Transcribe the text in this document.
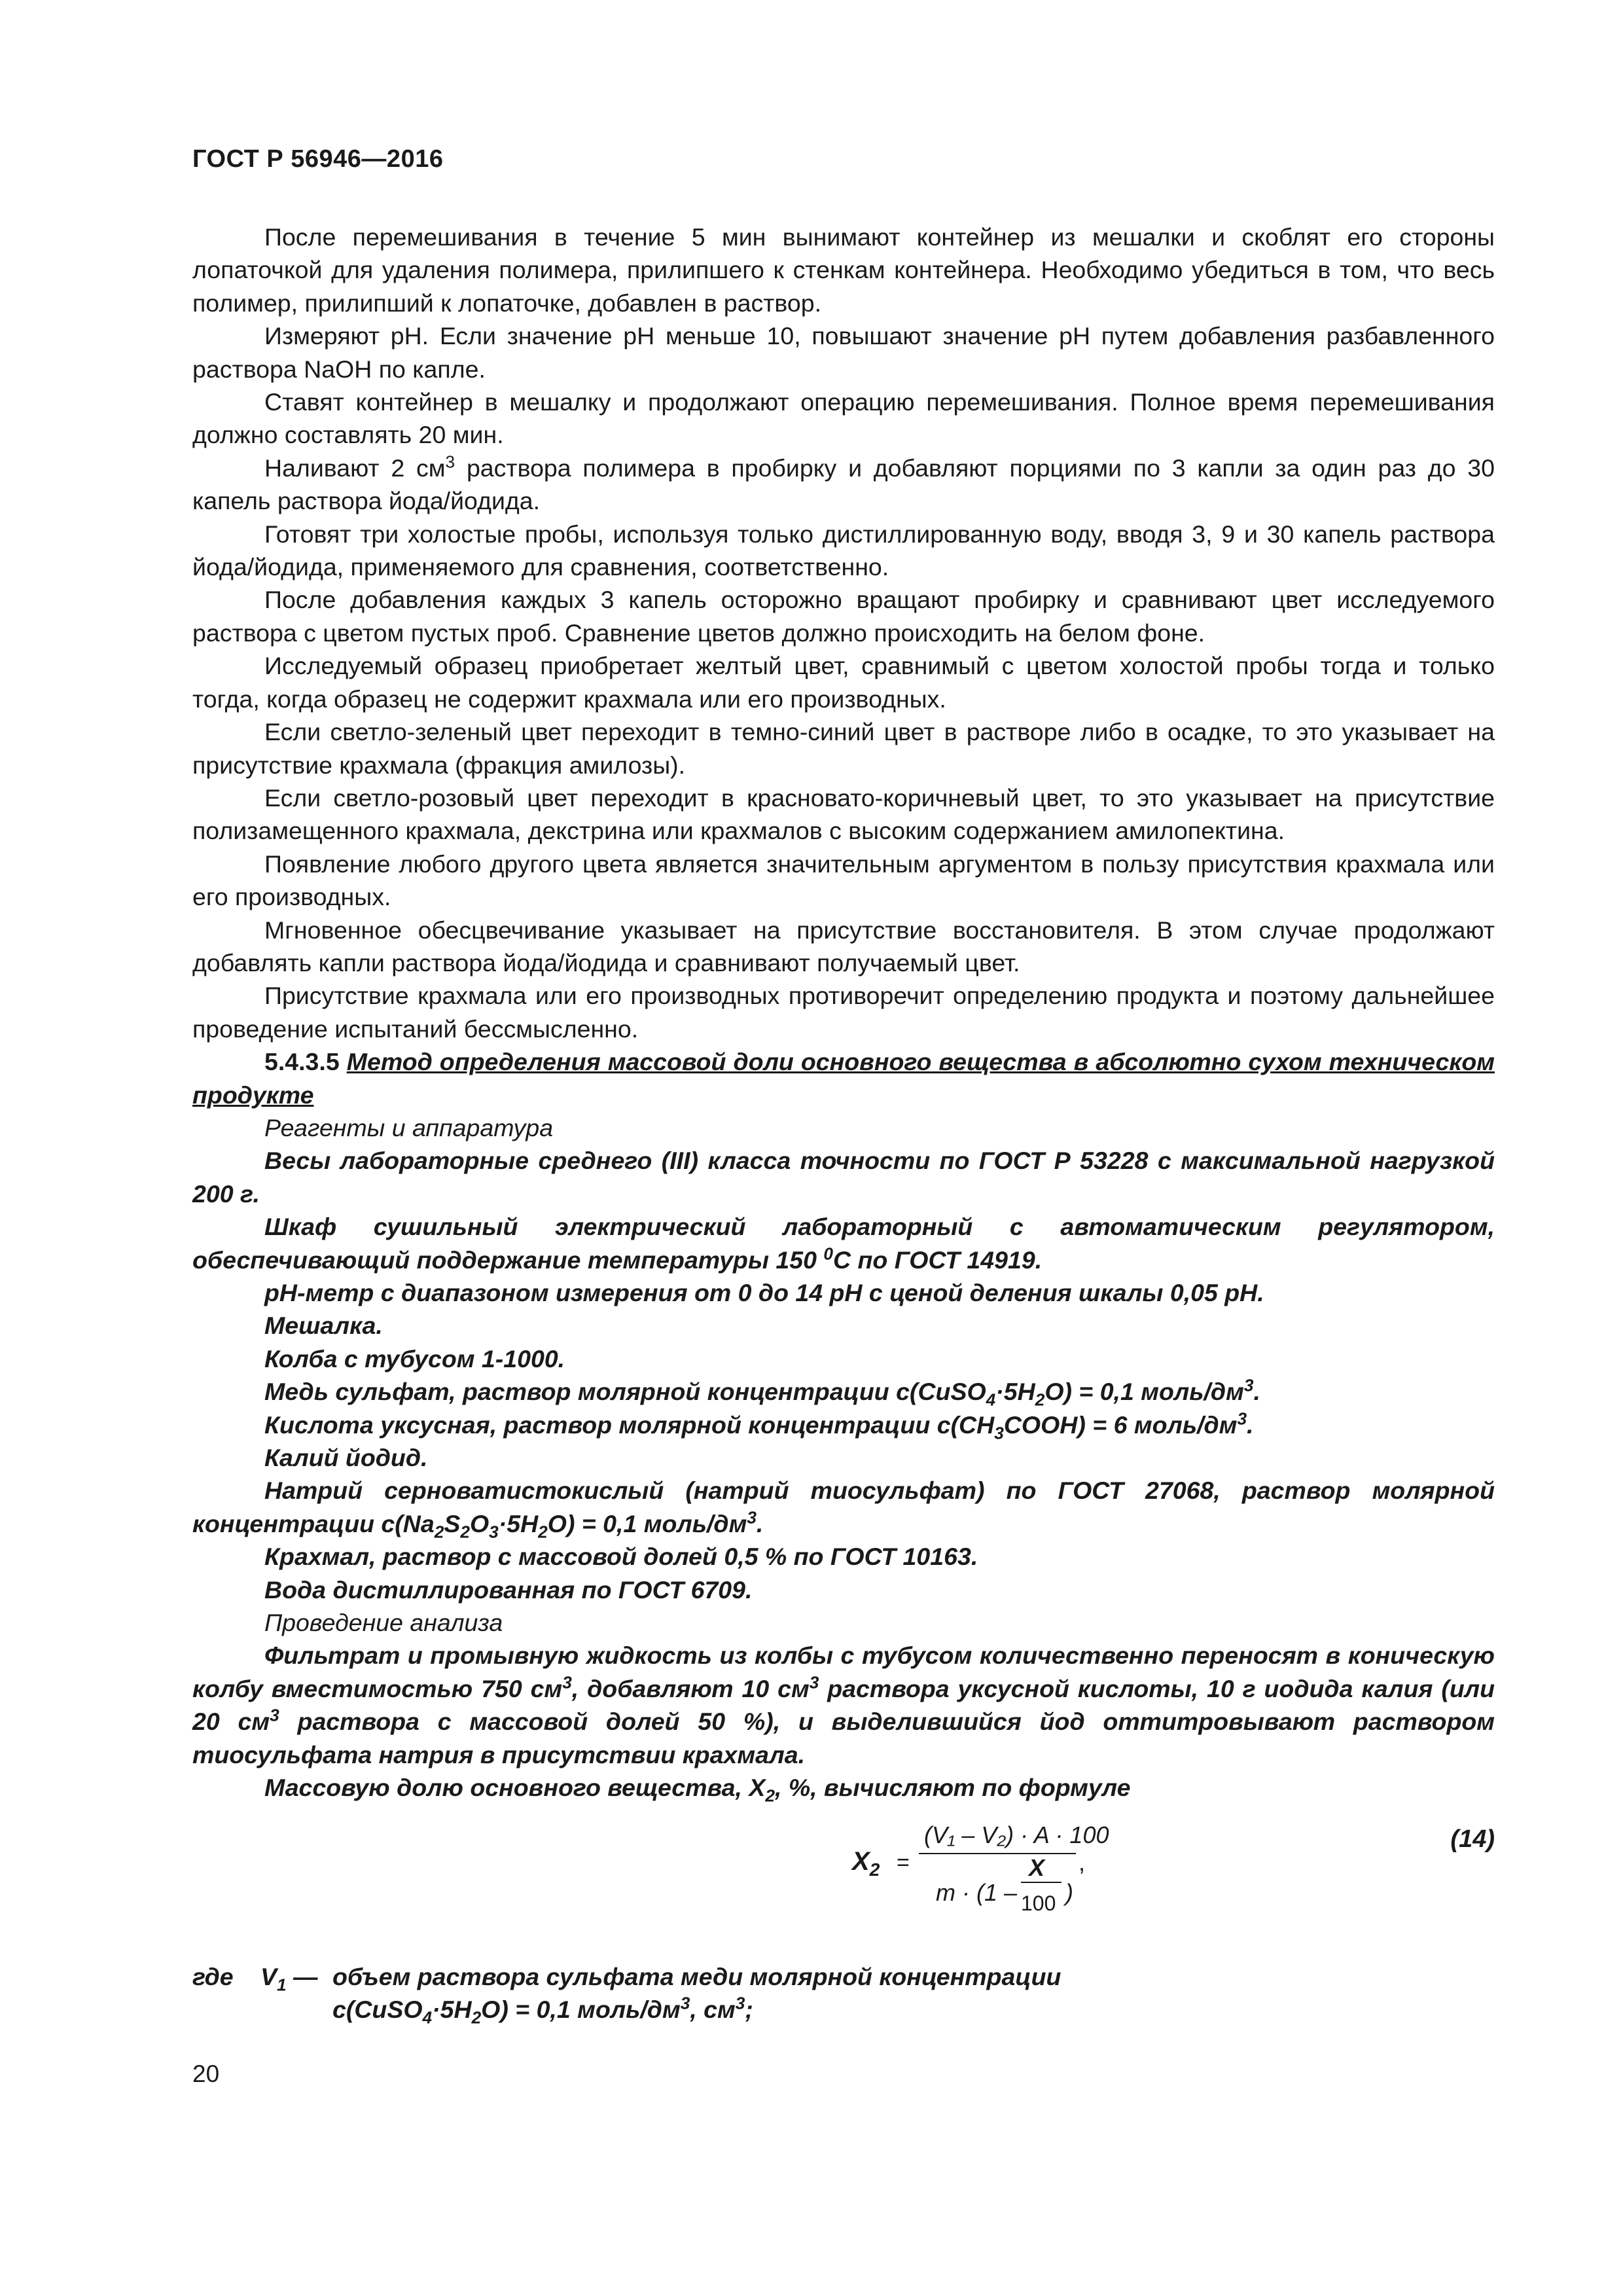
ГОСТ Р 56946—2016

После перемешивания в течение 5 мин вынимают контейнер из мешалки и скоблят его стороны лопаточкой для удаления полимера, прилипшего к стенкам контейнера. Необходимо убедиться в том, что весь полимер, прилипший к лопаточке, добавлен в раствор.

Измеряют pH. Если значение pH меньше 10, повышают значение pH путем добавления разбавленного раствора NaOH по капле.

Ставят контейнер в мешалку и продолжают операцию перемешивания. Полное время перемешивания должно составлять 20 мин.

Наливают 2 $см^3$ раствора полимера в пробирку и добавляют порциями по 3 капли за один раз до 30 капель раствора йода/йодида.

Готовят три холостые пробы, используя только дистиллированную воду, вводя 3, 9 и 30 капель раствора йода/йодида, применяемого для сравнения, соответственно.

После добавления каждых 3 капель осторожно вращают пробирку и сравнивают цвет исследуемого раствора с цветом пустых проб. Сравнение цветов должно происходить на белом фоне.

Исследуемый образец приобретает желтый цвет, сравнимый с цветом холостой пробы тогда и только тогда, когда образец не содержит крахмала или его производных.

Если светло-зеленый цвет переходит в темно-синий цвет в растворе либо в осадке, то это указывает на присутствие крахмала (фракция амилозы).

Если светло-розовый цвет переходит в красновато-коричневый цвет, то это указывает на присутствие полизамещенного крахмала, декстрина или крахмалов с высоким содержанием амилопектина.

Появление любого другого цвета является значительным аргументом в пользу присутствия крахмала или его производных.

Мгновенное обесцвечивание указывает на присутствие восстановителя. В этом случае продолжают добавлять капли раствора йода/йодида и сравнивают получаемый цвет.

Присутствие крахмала или его производных противоречит определению продукта и поэтому дальнейшее проведение испытаний бессмысленно.

5.4.3.5 Метод определения массовой доли основного вещества в абсолютно сухом техническом продукте

Реагенты и аппаратура

Весы лабораторные среднего (III) класса точности по ГОСТ Р 53228 с максимальной нагрузкой 200 г.

Шкаф сушильный электрический лабораторный с автоматическим регулятором, обеспечивающий поддержание температуры 150 $^0$С по ГОСТ 14919.

pH-метр с диапазоном измерения от 0 до 14 pH с ценой деления шкалы 0,05 pH.

Мешалка.

Колба с тубусом 1-1000.

Медь сульфат, раствор молярной концентрации $c(CuSO_4\cdot 5H_2O) = 0,1$ моль/$дм^3$.

Кислота уксусная, раствор молярной концентрации $c(CH_3COOH) = 6$ моль/$дм^3$.

Калий йодид.

Натрий серноватистокислый (натрий тиосульфат) по ГОСТ 27068, раствор молярной концентрации $c(Na_2S_2O_3\cdot 5H_2O) = 0,1$ моль/$дм^3$.

Крахмал, раствор с массовой долей 0,5 % по ГОСТ 10163.

Вода дистиллированная по ГОСТ 6709.

Проведение анализа

Фильтрат и промывную жидкость из колбы с тубусом количественно переносят в коническую колбу вместимостью 750 $см^3$, добавляют 10 $см^3$ раствора уксусной кислоты, 10 г иодида калия (или 20 $см^3$ раствора с массовой долей 50 %), и выделившийся йод оттитровывают раствором тиосульфата натрия в присутствии крахмала.

Массовую долю основного вещества, $X_2$, %, вычисляют по формуле

(14)
$X_2$ =
(V₁ – V₂) · A · 100
,
m · (1 – )
X
100
где $V_1$ — объем раствора сульфата меди молярной концентрации
$c(CuSO_4\cdot 5H_2O) = 0,1$ моль/$дм^3$, $см^3$;
20
